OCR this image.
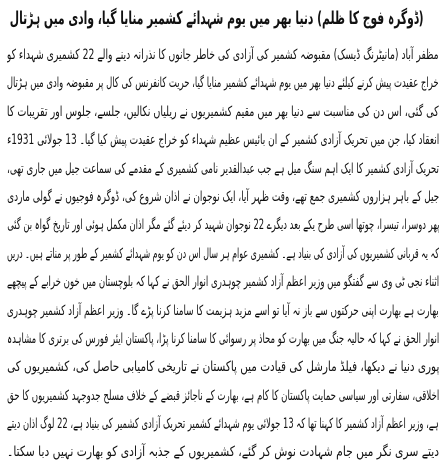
(ڈوگرہ فوج کا ظلم) دنیا بھر میں یوم شہدائے کشمیر منایا گیا، وادی میں ہڑتال
مظفر آباد (مانیٹرنگ ڈیسک) مقبوضہ کشمیر کی آزادی کی خاطر جانوں کا نذرانہ دینے والے 22 کشمیری شہداء کو
خراج عقیدت پیش کرنے کیلئے دنیا بھر میں یوم شہدائے کشمیر منایا گیا، حریت کانفرنس کی کال پر مقبوضہ وادی میں ہڑتال
کی گئی، اس دن کی مناسبت سے دنیا بھر میں مقیم کشمیریوں نے ریلیاں نکالیں، جلسے، جلوس اور تقریبات کا
انعقاد کیا، جن میں تحریک آزادی کشمیر کے ان بائیس عظیم شہداء کو خراج عقیدت پیش کیا گیا۔ 13 جولائی 1931ء
تحریک آزادی کشمیر کا ایک اہم سنگ میل ہے جب عبدالقدیر نامی کشمیری کے مقدمے کی سماعت جیل میں جاری تھی،
جیل کے باہر ہزاروں کشمیری جمع تھے، وقت ظہر آیا، ایک نوجوان نے اذان شروع کی، ڈوگرہ فوجیوں نے گولی ماردی
پھر دوسرا، تیسرا، چوتھا اسی طرح یکے بعد دیگرے 22 نوجوان شہید کر دیئے گئے مگر اذان مکمل ہوئی اور تاریخ گواہ بن گئی
کہ یہ قربانی کشمیریوں کی آزادی کی بنیاد ہے۔ کشمیری عوام ہر سال اس دن کو یوم شہدائے کشمیر کے طور پر مناتے ہیں۔ دریں
اثناء نجی ٹی وی سے گفتگو میں وزیر اعظم آزاد کشمیر چوہدری انوار الحق نے کہا کہ بلوچستان میں خون خرابے کے پیچھے
بھارت ہے بھارت اپنی حرکتوں سے باز نہ آیا تو اسے مزید ہزیمت کا سامنا کرنا پڑے گا۔ وزیر اعظم آزاد کشمیر چوہدری
انوار الحق نے کہا کہ حالیہ جنگ میں بھارت کو محاذ پر رسوائی کا سامنا کرنا پڑا، پاکستان ایئر فورس کی برتری کا مشاہدہ
پوری دنیا نے دیکھا، فیلڈ مارشل کی قیادت میں پاکستان نے تاریخی کامیابی حاصل کی، کشمیریوں کی
اخلاقی، سفارتی اور سیاسی حمایت پاکستان کا کام ہے، بھارت کے ناجائز قبضے کے خلاف مسلح جدوجہد کشمیریوں کا حق
ہے، وزیر اعظم آزاد کشمیر کا کہنا تھا کہ 13 جولائی یوم شہدائے کشمیر تحریک آزادی کشمیر کی بنیاد ہے، 22 لوگ اذان دیتے
دیتے سری نگر میں جام شہادت نوش کر گئے، کشمیریوں کے جذبہ آزادی کو بھارت نہیں دبا سکتا۔
